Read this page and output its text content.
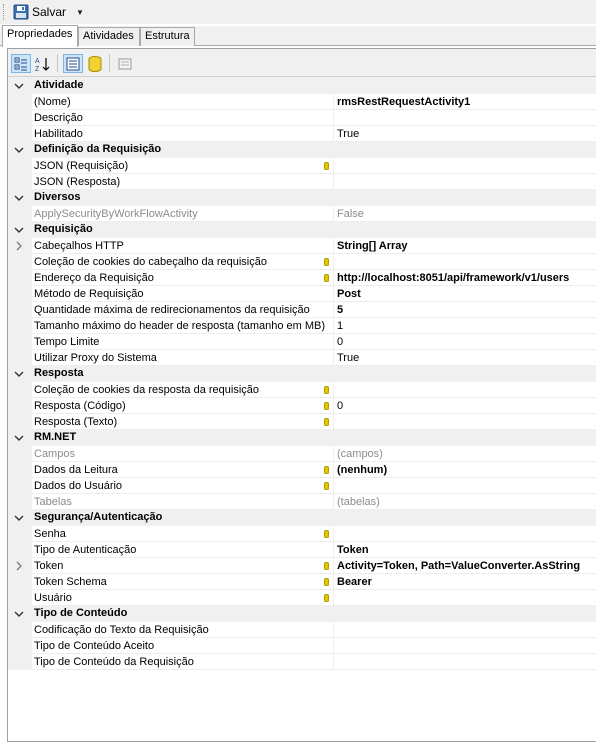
Salvar ▼
Propriedades Atividades	Estrutura
A
Z
Atividade
(Nome)	rmsRestRequestActivity1
Descrição
Habilitado	True
Definição da Requisição
JSON (Requisição)
JSON (Resposta)
Diversos
ApplySecurityByWorkFlowActivity	False
Requisição
Cabeçalhos HTTP	String[] Array
Coleção de cookies do cabeçalho da requisição
Endereço da Requisição	http://localhost:8051/api/framework/v1/users
Método de Requisição	Post
Quantidade máxima de redirecionamentos da requisição 5
Tamanho máximo do header de resposta (tamanho em MB) 1
Tempo Limite	0
Utilizar Proxy do Sistema	True
Resposta
Coleção de cookies da resposta da requisição
Resposta (Código)	0
Resposta (Texto)
RM.NET
Campos	(campos)
Dados da Leitura	(nenhum)
Dados do Usuário
Tabelas	(tabelas)
Segurança/Autenticação
Senha
Tipo de Autenticação	Token
Token	Activity=Token, Path=ValueConverter.AsString
Token Schema	Bearer
Usuário
Tipo de Conteúdo
Codificação do Texto da Requisição
Tipo de Conteúdo Aceito
Tipo de Conteúdo da Requisição
